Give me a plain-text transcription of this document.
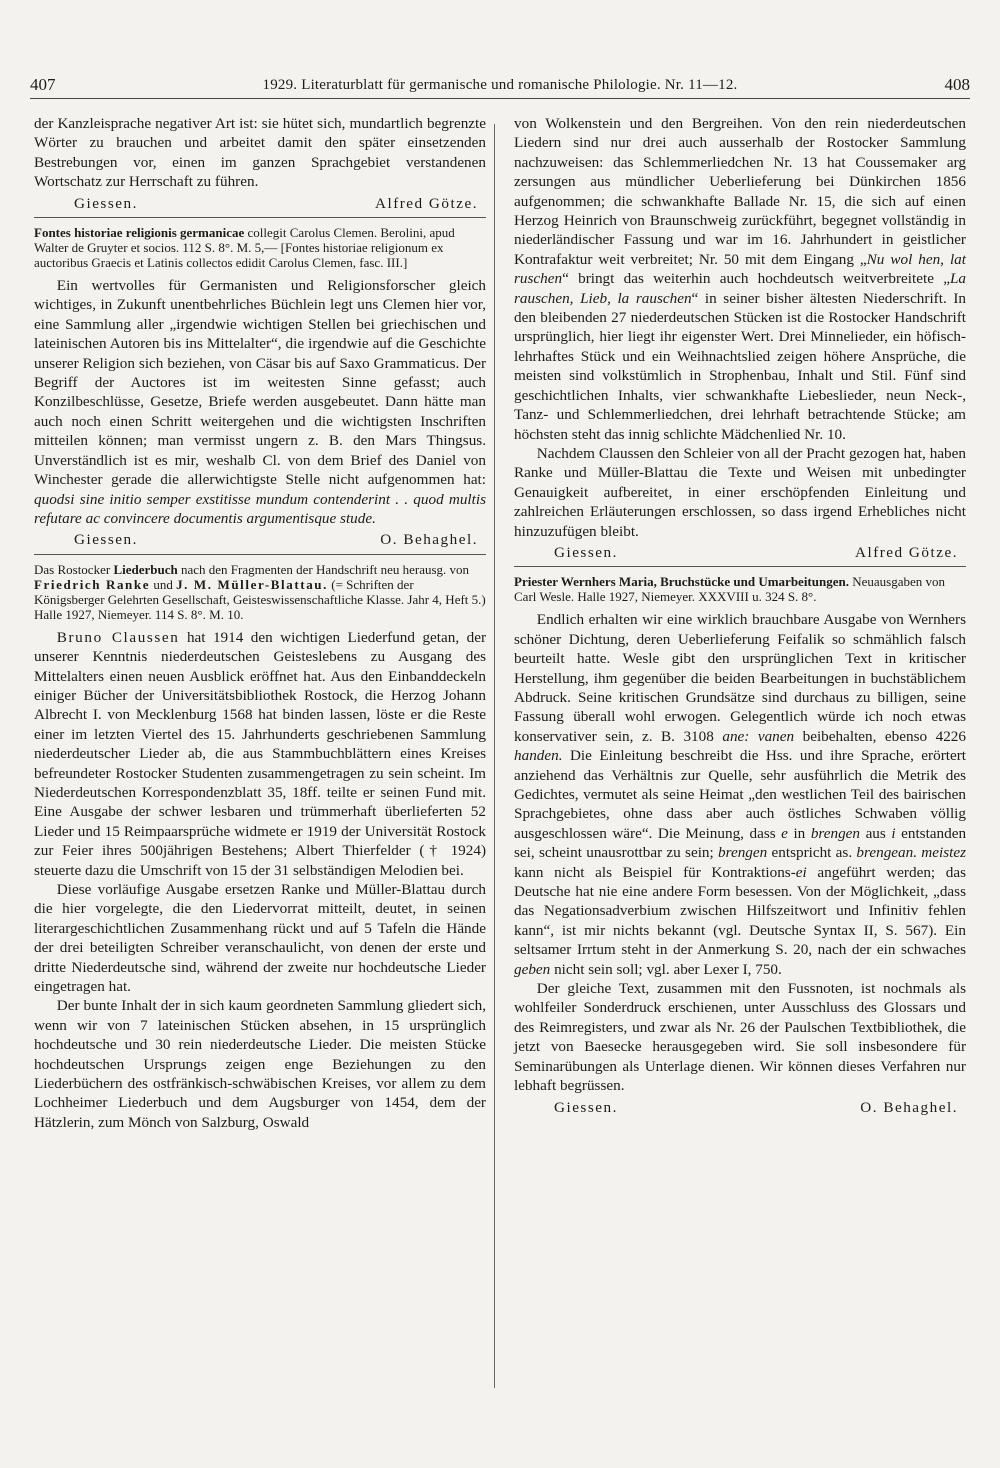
407	1929. Literaturblatt für germanische und romanische Philologie. Nr. 11—12.	408

der Kanzleisprache negativer Art ist: sie hütet sich, mundartlich begrenzte Wörter zu brauchen und arbeitet damit den später einsetzenden Bestrebungen vor, einen im ganzen Sprachgebiet verstandenen Wortschatz zur Herrschaft zu führen.

Giessen.	Alfred Götze.
Fontes historiae religionis germanicae collegit Carolus Clemen. Berolini, apud Walter de Gruyter et socios. 112 S. 8°. M. 5,— [Fontes historiae religionum ex auctoribus Graecis et Latinis collectos edidit Carolus Clemen, fasc. III.]

Ein wertvolles für Germanisten und Religionsforscher gleich wichtiges, in Zukunft unentbehrliches Büchlein legt uns Clemen hier vor, eine Sammlung aller „irgendwie wichtigen Stellen bei griechischen und lateinischen Autoren bis ins Mittelalter“, die irgendwie auf die Geschichte unserer Religion sich beziehen, von Cäsar bis auf Saxo Grammaticus. Der Begriff der Auctores ist im weitesten Sinne gefasst; auch Konzilbeschlüsse, Gesetze, Briefe werden ausgebeutet. Dann hätte man auch noch einen Schritt weitergehen und die wichtigsten Inschriften mitteilen können; man vermisst ungern z. B. den Mars Thingsus. Unverständlich ist es mir, weshalb Cl. von dem Brief des Daniel von Winchester gerade die allerwichtigste Stelle nicht aufgenommen hat: quodsi sine initio semper exstitisse mundum contenderint . . quod multis refutare ac convincere documentis argumentisque stude.

Giessen.	O. Behaghel.
Das Rostocker Liederbuch nach den Fragmenten der Handschrift neu herausg. von Friedrich Ranke und J. M. Müller-Blattau. (= Schriften der Königsberger Gelehrten Gesellschaft, Geisteswissenschaftliche Klasse. Jahr 4, Heft 5.) Halle 1927, Niemeyer. 114 S. 8°. M. 10.

Bruno Claussen hat 1914 den wichtigen Liederfund getan, der unserer Kenntnis niederdeutschen Geisteslebens zu Ausgang des Mittelalters einen neuen Ausblick eröffnet hat. Aus den Einbanddeckeln einiger Bücher der Universitätsbibliothek Rostock, die Herzog Johann Albrecht I. von Mecklenburg 1568 hat binden lassen, löste er die Reste einer im letzten Viertel des 15. Jahrhunderts geschriebenen Sammlung niederdeutscher Lieder ab, die aus Stammbuchblättern eines Kreises befreundeter Rostocker Studenten zusammengetragen zu sein scheint. Im Niederdeutschen Korrespondenzblatt 35, 18ff. teilte er seinen Fund mit. Eine Ausgabe der schwer lesbaren und trümmerhaft überlieferten 52 Lieder und 15 Reimpaarsprüche widmete er 1919 der Universität Rostock zur Feier ihres 500jährigen Bestehens; Albert Thierfelder († 1924) steuerte dazu die Umschrift von 15 der 31 selbständigen Melodien bei.

Diese vorläufige Ausgabe ersetzen Ranke und Müller-Blattau durch die hier vorgelegte, die den Liedervorrat mitteilt, deutet, in seinen literargeschichtlichen Zusammenhang rückt und auf 5 Tafeln die Hände der drei beteiligten Schreiber veranschaulicht, von denen der erste und dritte Niederdeutsche sind, während der zweite nur hochdeutsche Lieder eingetragen hat.

Der bunte Inhalt der in sich kaum geordneten Sammlung gliedert sich, wenn wir von 7 lateinischen Stücken absehen, in 15 ursprünglich hochdeutsche und 30 rein niederdeutsche Lieder. Die meisten Stücke hochdeutschen Ursprungs zeigen enge Beziehungen zu den Liederbüchern des ostfränkisch-schwäbischen Kreises, vor allem zu dem Lochheimer Liederbuch und dem Augsburger von 1454, dem der Hätzlerin, zum Mönch von Salzburg, Oswald

von Wolkenstein und den Bergreihen. Von den rein niederdeutschen Liedern sind nur drei auch ausserhalb der Rostocker Sammlung nachzuweisen: das Schlemmerliedchen Nr. 13 hat Coussemaker arg zersungen aus mündlicher Ueberlieferung bei Dünkirchen 1856 aufgenommen; die schwankhafte Ballade Nr. 15, die sich auf einen Herzog Heinrich von Braunschweig zurückführt, begegnet vollständig in niederländischer Fassung und war im 16. Jahrhundert in geistlicher Kontrafaktur weit verbreitet; Nr. 50 mit dem Eingang „Nu wol hen, lat ruschen“ bringt das weiterhin auch hochdeutsch weitverbreitete „La rauschen, Lieb, la rauschen“ in seiner bisher ältesten Niederschrift. In den bleibenden 27 niederdeutschen Stücken ist die Rostocker Handschrift ursprünglich, hier liegt ihr eigenster Wert. Drei Minnelieder, ein höfisch-lehrhaftes Stück und ein Weihnachtslied zeigen höhere Ansprüche, die meisten sind volkstümlich in Strophenbau, Inhalt und Stil. Fünf sind geschichtlichen Inhalts, vier schwankhafte Liebeslieder, neun Neck-, Tanz- und Schlemmerliedchen, drei lehrhaft betrachtende Stücke; am höchsten steht das innig schlichte Mädchenlied Nr. 10.

Nachdem Claussen den Schleier von all der Pracht gezogen hat, haben Ranke und Müller-Blattau die Texte und Weisen mit unbedingter Genauigkeit aufbereitet, in einer erschöpfenden Einleitung und zahlreichen Erläuterungen erschlossen, so dass irgend Erhebliches nicht hinzuzufügen bleibt.

Giessen.	Alfred Götze.
Priester Wernhers Maria, Bruchstücke und Umarbeitungen. Neuausgaben von Carl Wesle. Halle 1927, Niemeyer. XXXVIII u. 324 S. 8°.

Endlich erhalten wir eine wirklich brauchbare Ausgabe von Wernhers schöner Dichtung, deren Ueberlieferung Feifalik so schmählich falsch beurteilt hatte. Wesle gibt den ursprünglichen Text in kritischer Herstellung, ihm gegenüber die beiden Bearbeitungen in buchstäblichem Abdruck. Seine kritischen Grundsätze sind durchaus zu billigen, seine Fassung überall wohl erwogen. Gelegentlich würde ich noch etwas konservativer sein, z. B. 3108 ane: vanen beibehalten, ebenso 4226 handen. Die Einleitung beschreibt die Hss. und ihre Sprache, erörtert anziehend das Verhältnis zur Quelle, sehr ausführlich die Metrik des Gedichtes, vermutet als seine Heimat „den westlichen Teil des bairischen Sprachgebietes, ohne dass aber auch östliches Schwaben völlig ausgeschlossen wäre“. Die Meinung, dass e in brengen aus i entstanden sei, scheint unausrottbar zu sein; brengen entspricht as. brengean. meistez kann nicht als Beispiel für Kontraktions-ei angeführt werden; das Deutsche hat nie eine andere Form besessen. Von der Möglichkeit, „dass das Negationsadverbium zwischen Hilfszeitwort und Infinitiv fehlen kann“, ist mir nichts bekannt (vgl. Deutsche Syntax II, S. 567). Ein seltsamer Irrtum steht in der Anmerkung S. 20, nach der ein schwaches geben nicht sein soll; vgl. aber Lexer I, 750.

Der gleiche Text, zusammen mit den Fussnoten, ist nochmals als wohlfeiler Sonderdruck erschienen, unter Ausschluss des Glossars und des Reimregisters, und zwar als Nr. 26 der Paulschen Textbibliothek, die jetzt von Baesecke herausgegeben wird. Sie soll insbesondere für Seminarübungen als Unterlage dienen. Wir können dieses Verfahren nur lebhaft begrüssen.

Giessen.	O. Behaghel.
